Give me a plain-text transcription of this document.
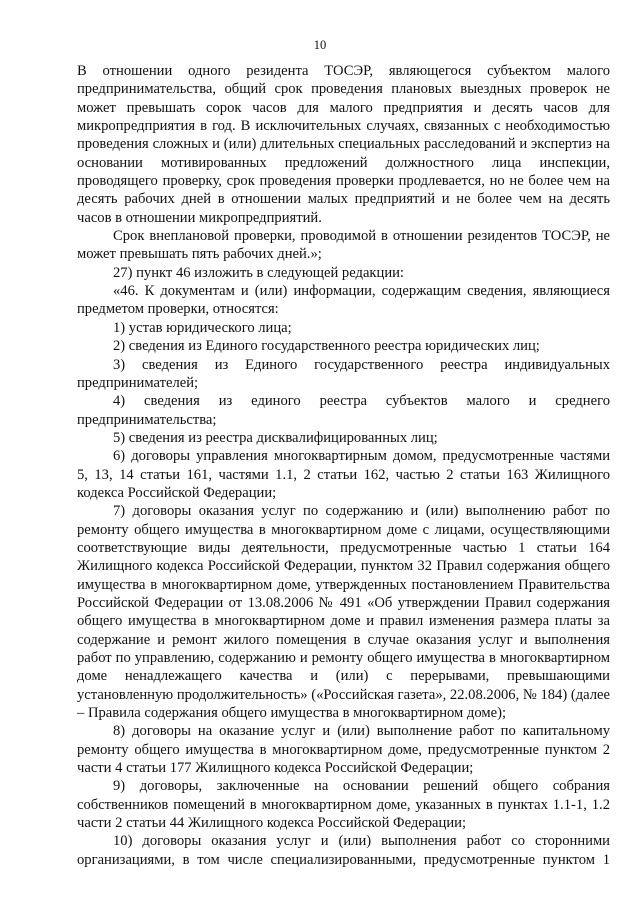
10

В отношении одного резидента ТОСЭР, являющегося субъектом малого предпринимательства, общий срок проведения плановых выездных проверок не может превышать сорок часов для малого предприятия и десять часов для микропредприятия в год. В исключительных случаях, связанных с необходимостью проведения сложных и (или) длительных специальных расследований и экспертиз на основании мотивированных предложений должностного лица инспекции, проводящего проверку, срок проведения проверки продлевается, но не более чем на десять рабочих дней в отношении малых предприятий и не более чем на десять часов в отношении микропредприятий.

Срок внеплановой проверки, проводимой в отношении резидентов ТОСЭР, не может превышать пять рабочих дней.»;

27) пункт 46 изложить в следующей редакции:

«46. К документам и (или) информации, содержащим сведения, являющиеся предметом проверки, относятся:

1) устав юридического лица;

2) сведения из Единого государственного реестра юридических лиц;

3) сведения из Единого государственного реестра индивидуальных предпринимателей;

4) сведения из единого реестра субъектов малого и среднего предпринимательства;

5) сведения из реестра дисквалифицированных лиц;

6) договоры управления многоквартирным домом, предусмотренные частями 5, 13, 14 статьи 161, частями 1.1, 2 статьи 162, частью 2 статьи 163 Жилищного кодекса Российской Федерации;

7) договоры оказания услуг по содержанию и (или) выполнению работ по ремонту общего имущества в многоквартирном доме с лицами, осуществляющими соответствующие виды деятельности, предусмотренные частью 1 статьи 164 Жилищного кодекса Российской Федерации, пунктом 32 Правил содержания общего имущества в многоквартирном доме, утвержденных постановлением Правительства Российской Федерации от 13.08.2006 № 491 «Об утверждении Правил содержания общего имущества в многоквартирном доме и правил изменения размера платы за содержание и ремонт жилого помещения в случае оказания услуг и выполнения работ по управлению, содержанию и ремонту общего имущества в многоквартирном доме ненадлежащего качества и (или) с перерывами, превышающими установленную продолжительность» («Российская газета», 22.08.2006, № 184) (далее – Правила содержания общего имущества в многоквартирном доме);

8) договоры на оказание услуг и (или) выполнение работ по капитальному ремонту общего имущества в многоквартирном доме, предусмотренные пунктом 2 части 4 статьи 177 Жилищного кодекса Российской Федерации;

9) договоры, заключенные на основании решений общего собрания собственников помещений в многоквартирном доме, указанных в пунктах 1.1-1, 1.2 части 2 статьи 44 Жилищного кодекса Российской Федерации;

10) договоры оказания услуг и (или) выполнения работ со сторонними организациями, в том числе специализированными, предусмотренные пунктом 1
